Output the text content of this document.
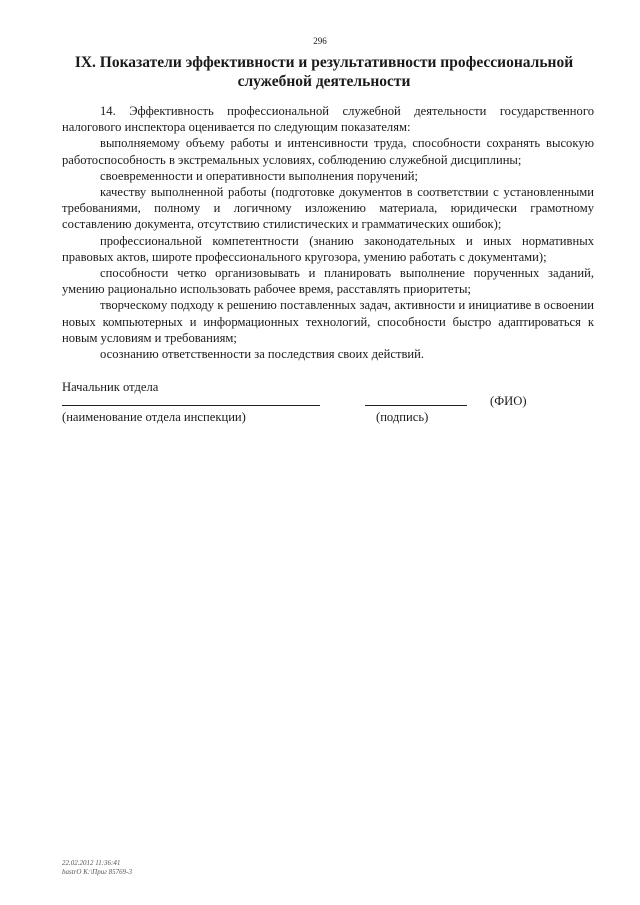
296
IX. Показатели эффективности и результативности профессиональной
служебной деятельности

14. Эффективность профессиональной служебной деятельности государственного налогового инспектора оценивается по следующим показателям:

выполняемому объему работы и интенсивности труда, способности сохранять высокую работоспособность в экстремальных условиях, соблюдению служебной дисциплины;

своевременности и оперативности выполнения поручений;

качеству выполненной работы (подготовке документов в соответствии с установленными требованиями, полному и логичному изложению материала, юридически грамотному составлению документа, отсутствию стилистических и грамматических ошибок);

профессиональной компетентности (знанию законодательных и иных нормативных правовых актов, широте профессионального кругозора, умению работать с документами);

способности четко организовывать и планировать выполнение порученных заданий, умению рационально использовать рабочее время, расставлять приоритеты;

творческому подходу к решению поставленных задач, активности и инициативе в освоении новых компьютерных и информационных технологий, способности быстро адаптироваться к новым условиям и требованиям;

осознанию ответственности за последствия своих действий.

Начальник отдела
(ФИО)
(наименование отдела инспекции)	(подпись)
22.02.2012 11:36:41
bastrO K:\Приг 85769-3
